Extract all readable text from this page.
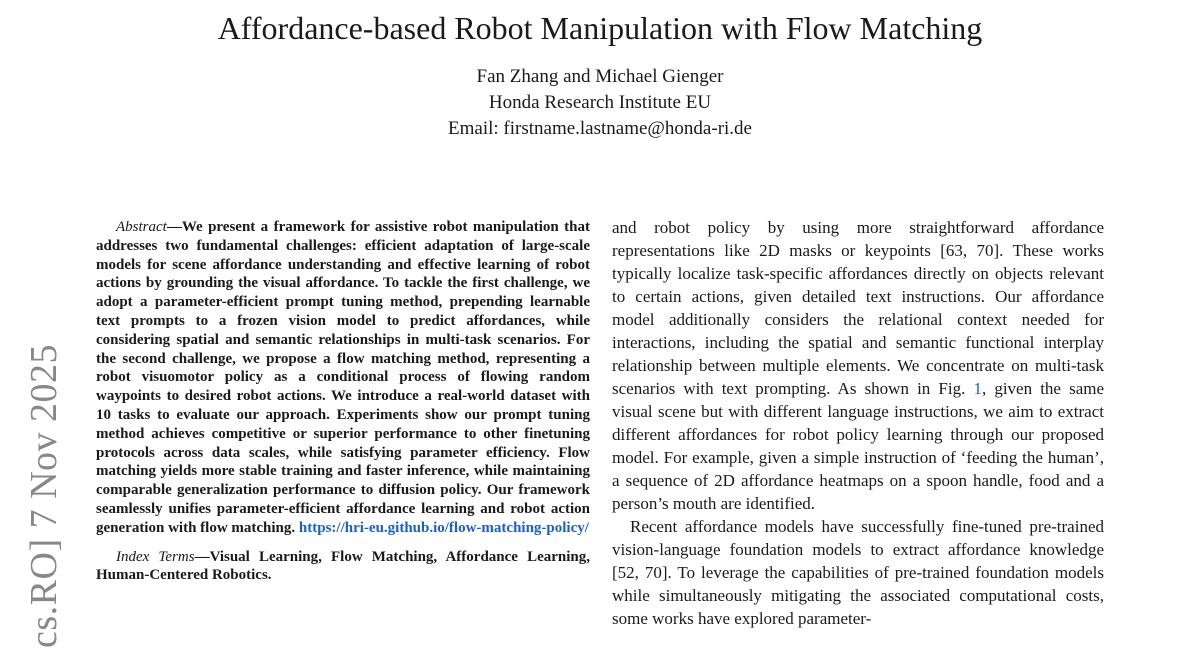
Affordance-based Robot Manipulation with Flow Matching
Fan Zhang and Michael Gienger
Honda Research Institute EU
Email: firstname.lastname@honda-ri.de
cs.RO] 7 Nov 2025

Abstract—We present a framework for assistive robot manipulation that addresses two fundamental challenges: efficient adaptation of large-scale models for scene affordance understanding and effective learning of robot actions by grounding the visual affordance. To tackle the first challenge, we adopt a parameter-efficient prompt tuning method, prepending learnable text prompts to a frozen vision model to predict affordances, while considering spatial and semantic relationships in multi-task scenarios. For the second challenge, we propose a flow matching method, representing a robot visuomotor policy as a conditional process of flowing random waypoints to desired robot actions. We introduce a real-world dataset with 10 tasks to evaluate our approach. Experiments show our prompt tuning method achieves competitive or superior performance to other finetuning protocols across data scales, while satisfying parameter efficiency. Flow matching yields more stable training and faster inference, while maintaining comparable generalization performance to diffusion policy. Our framework seamlessly unifies parameter-efficient affordance learning and robot action generation with flow matching. https://hri-eu.github.io/flow-matching-policy/

Index Terms—Visual Learning, Flow Matching, Affordance Learning, Human-Centered Robotics.

and robot policy by using more straightforward affordance representations like 2D masks or keypoints [63, 70]. These works typically localize task-specific affordances directly on objects relevant to certain actions, given detailed text instructions. Our affordance model additionally considers the relational context needed for interactions, including the spatial and semantic functional interplay relationship between multiple elements. We concentrate on multi-task scenarios with text prompting. As shown in Fig. 1, given the same visual scene but with different language instructions, we aim to extract different affordances for robot policy learning through our proposed model. For example, given a simple instruction of ‘feeding the human’, a sequence of 2D affordance heatmaps on a spoon handle, food and a person’s mouth are identified.

Recent affordance models have successfully fine-tuned pre-trained vision-language foundation models to extract affordance knowledge [52, 70]. To leverage the capabilities of pre-trained foundation models while simultaneously mitigating the associated computational costs, some works have explored parameter-
